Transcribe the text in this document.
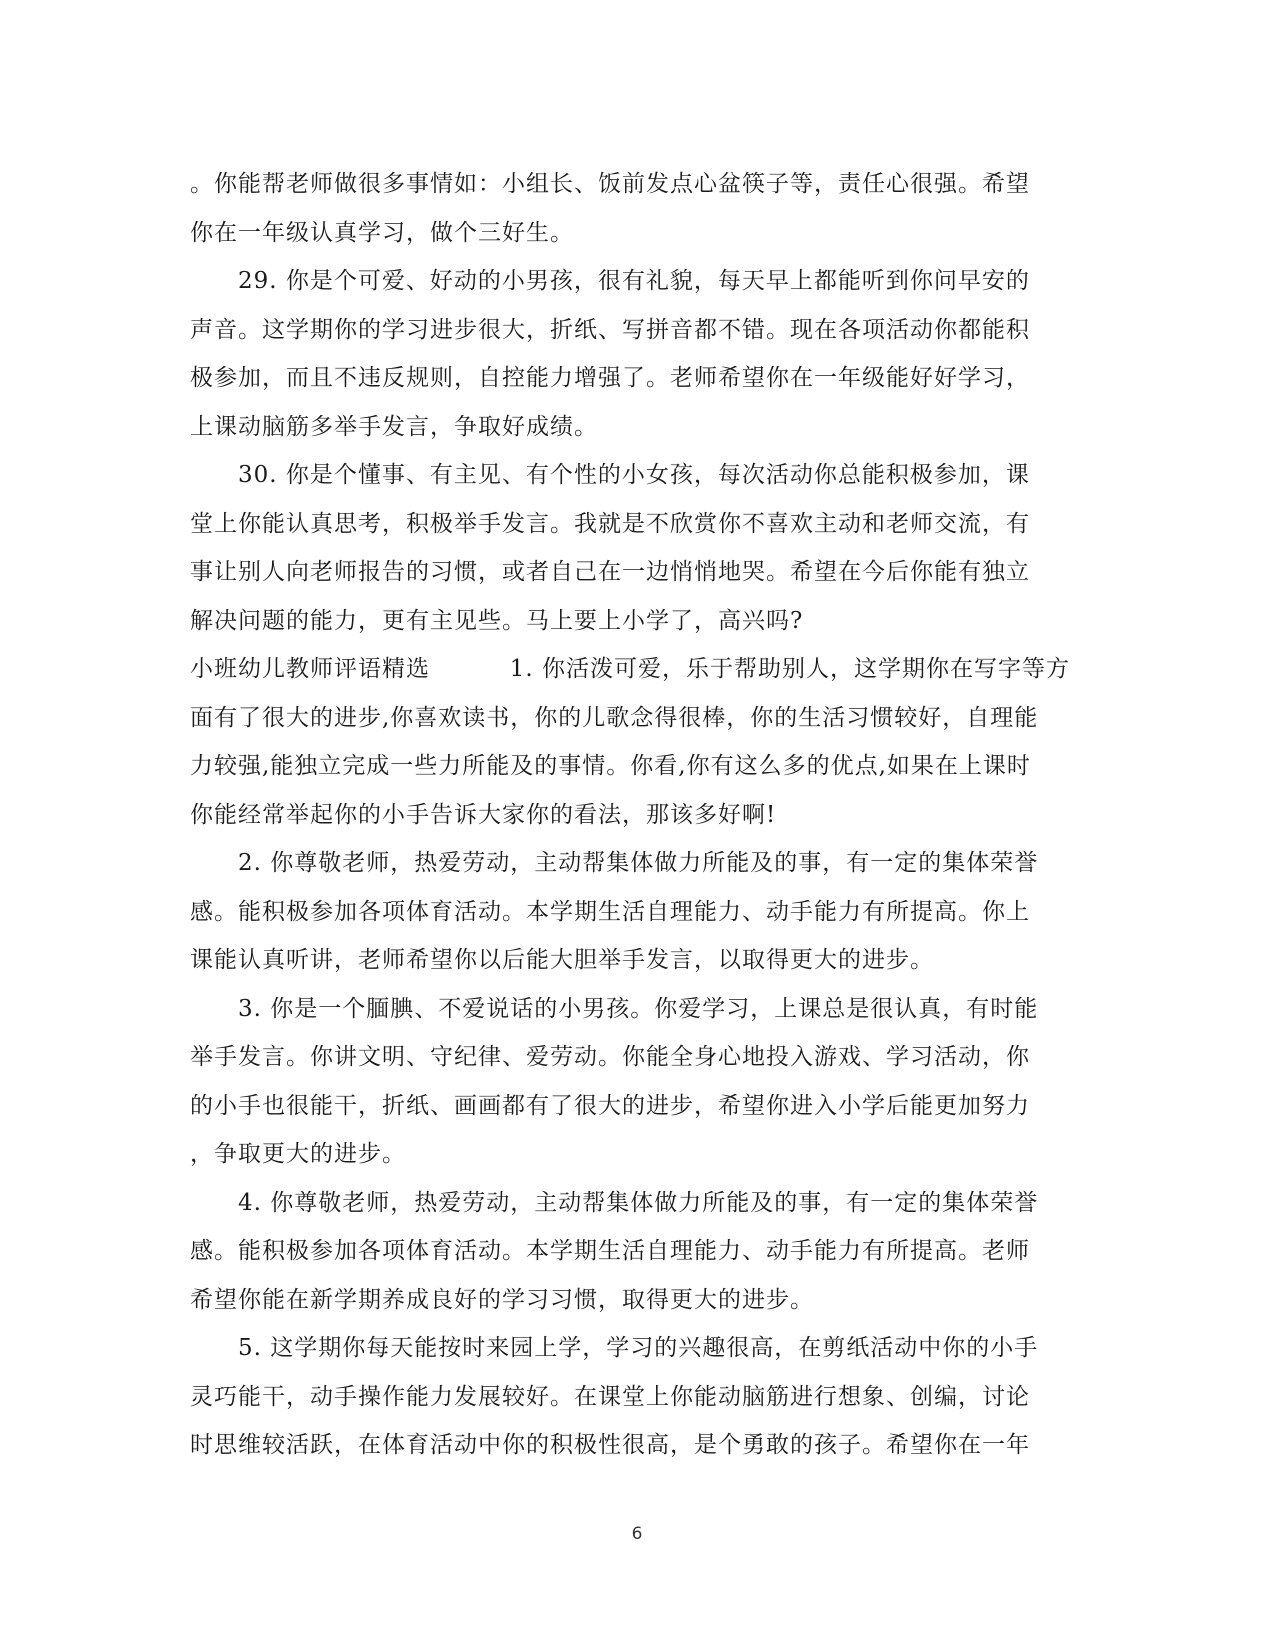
。你能帮老师做很多事情如：小组长、饭前发点心盆筷子等，责任心很强。希望
你在一年级认真学习，做个三好生。
29. 你是个可爱、好动的小男孩，很有礼貌，每天早上都能听到你问早安的
声音。这学期你的学习进步很大，折纸、写拼音都不错。现在各项活动你都能积
极参加，而且不违反规则，自控能力增强了。老师希望你在一年级能好好学习，
上课动脑筋多举手发言，争取好成绩。
30. 你是个懂事、有主见、有个性的小女孩，每次活动你总能积极参加，课
堂上你能认真思考，积极举手发言。我就是不欣赏你不喜欢主动和老师交流，有
事让别人向老师报告的习惯，或者自己在一边悄悄地哭。希望在今后你能有独立
解决问题的能力，更有主见些。马上要上小学了，高兴吗?
小班幼儿教师评语精选	1. 你活泼可爱，乐于帮助别人，这学期你在写字等方
面有了很大的进步,你喜欢读书，你的儿歌念得很棒，你的生活习惯较好，自理能
力较强,能独立完成一些力所能及的事情。你看,你有这么多的优点,如果在上课时
你能经常举起你的小手告诉大家你的看法，那该多好啊!
2. 你尊敬老师，热爱劳动，主动帮集体做力所能及的事，有一定的集体荣誉
感。能积极参加各项体育活动。本学期生活自理能力、动手能力有所提高。你上
课能认真听讲，老师希望你以后能大胆举手发言，以取得更大的进步。
3. 你是一个腼腆、不爱说话的小男孩。你爱学习，上课总是很认真，有时能
举手发言。你讲文明、守纪律、爱劳动。你能全身心地投入游戏、学习活动，你
的小手也很能干，折纸、画画都有了很大的进步，希望你进入小学后能更加努力
，争取更大的进步。
4. 你尊敬老师，热爱劳动，主动帮集体做力所能及的事，有一定的集体荣誉
感。能积极参加各项体育活动。本学期生活自理能力、动手能力有所提高。老师
希望你能在新学期养成良好的学习习惯，取得更大的进步。
5. 这学期你每天能按时来园上学，学习的兴趣很高，在剪纸活动中你的小手
灵巧能干，动手操作能力发展较好。在课堂上你能动脑筋进行想象、创编，讨论
时思维较活跃，在体育活动中你的积极性很高，是个勇敢的孩子。希望你在一年
6
